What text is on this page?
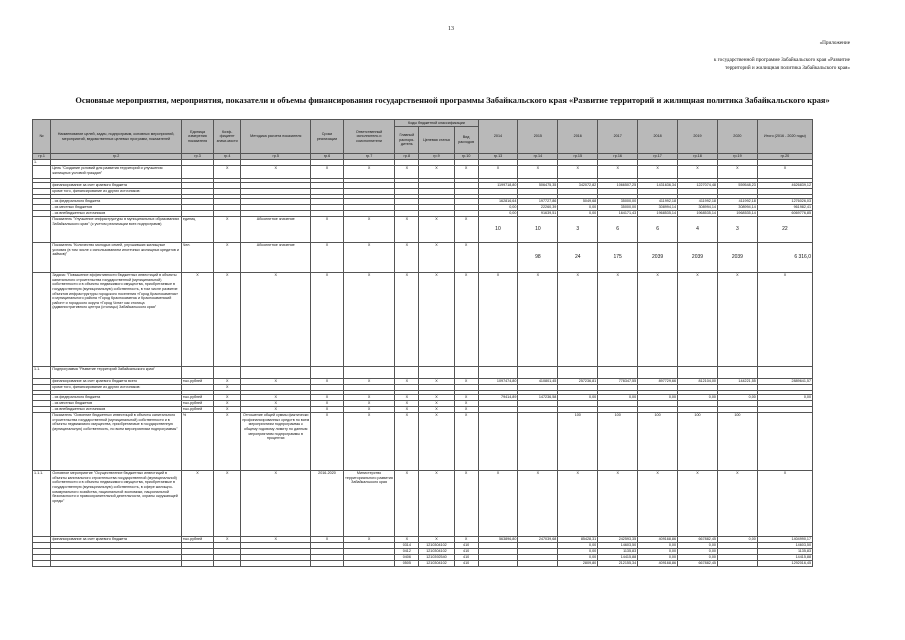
13
«Приложение
к государственной программе Забайкальского края «Развитие
территорий и жилищная политика Забайкальского края»
Основные мероприятия, мероприятия, показатели и объемы финансирования государственной программы Забайкальского края «Развитие территорий и жилищная политика Забайкальского края»
№	Наименование целей, задач, подпрограмм, основных мероприятий, мероприятий, ведомственных целевых программ, показателей	Единица измерения показателя	Коэф-фициент значи-мости	Методика расчета показателя	Сроки реализации	Ответственный исполнитель и соисполнители	Коды бюджетной классификации			2014	2015	2016	2017	2018	2019	2020	Итого (2016 - 2020 годы)
							Главный распоря-дитель	Целевая статья	Вид расходов								
гр.1	гр.2	гр.3	гр.4	гр.5	гр.6	гр.7	гр.8	гр.9	гр.10	гр.13	гр.14	гр.15	гр.16	гр.17	гр.18	гр.19	гр.20
1.																	
	Цель "Создание условий для развития территорий и улучшения жилищных условий граждан"		X	X	X	X	X	X	X	X	X	X	X	X	X	X	X

	финансирование за счет краевого бюджета									1199718,80	506475,35	342072,82	1066507,25	1431636,34	1227074,48	559548,23	4626839,12
	кроме того, финансирование из других источников:																

	- из федерального бюджета									162816,64	197727,86	5049,68	35000,00	411992,18	411992,18	411992,18	1276026,03
	- из местных бюджетов									0,00	22260,39	0,00	35000,00	308994,14	308994,14	308994,14	961982,41
	- из внебюджетных источников									0,00	91639,51	0,00	164171,43	1968535,14	1968535,14	1968535,14	6069776,85
	Показатель "Улучшение инфраструктуры в муниципальных образованиях Забайкальского края" (с учетом реализации всех подпрограмм)	единиц	X	Абсолютное значение	X	X	X	X	X	10	10	3	6	6	4	3	22
	Показатель "Количество молодых семей, улучшивших жилищные условия (в том числе с использованием ипотечных жилищных кредитов и займов)"	Чел.	X	Абсолютное значение	X	X	X	X	X		98	24	175	2039	2039	2039	6 316,0
	Задача: "Повышение эффективности бюджетных инвестиций в объекты капитального строительства государственной (муниципальной) собственности и в объекты недвижимого имущества, приобретаемые в государственную (муниципальную) собственность, в том числе развитие объектов инфраструктуры городского поселения «Город Краснокаменск» и муниципального района «Город Краснокаменск и Краснокаменский район» и городского округа «Город Чита» как столица (административного центра (столицы) Забайкальского края"	X	X	X	X	X	X	X	X	X	X	X	X	X	X	X	X
1.1.	Подпрограмма "Развитие территорий Забайкальского края"																
	финансирование за счет краевого бюджета всего	тыс.рублей	X	X	X	X	X	X	X	1097474,80	410801,45	257236,81	778347,55	897729,66	812104,00	144221,55	2889641,57
	кроме того, финансирование из других источников:		X														

	- из федерального бюджета	тыс.рублей	X	X	X	X	X	X	X	79414,89	147236,58	0,00	0,00	0,00	0,00	0,00	0,00
	- из местных бюджетов	тыс.рублей	X	X	X	X	X	X	X								
	- из внебюджетных источников	тыс.рублей	X	X	X	X	X	X	X								
	Показатель "Освоение бюджетных инвестиций в объекты капитального строительства государственной (муниципальной) собственности и в объекты недвижимого имущества, приобретаемые в государственную (муниципальную) собственность, по всем мероприятиям подпрограммы"	%	X	Отношение общей суммы фактически профинансированных средств по всем мероприятиям подпрограммы к общему годовому лимиту по данным мероприятиям подпрограммы в процентах	X	X	X	X	X			100	100	100	100	100	
1.1.1.	Основное мероприятие "Осуществление бюджетных инвестиций в объекты капитального строительства государственной (муниципальной) собственности и в объекты недвижимого имущества, приобретаемые в государственную (муниципальную) собственность, в сфере жилищно-коммунального хозяйства, национальной экономики, национальной безопасности и правоохранительной деятельности, охраны окружающей среды"	X	X	X	2016-2020	Министерство территориального развития Забайкальского края	X	X	X	X	X	X	X	X	X	X	X
	финансирование за счет краевого бюджета	тыс.рублей	X	X	X	X	X	X	X	563896,80	247039,68	85428,31	242593,35	409168,86	667882,45	0,00	1404990,17
							0314	1210304102	410			0,00	14603,50	0,00	0,00		14603,50
							0412	1210304102	410			0,00	1135,83	0,00	0,00		1135,83
							0406	1210392540	410			0,00	14415,88	0,00	0,00		14415,88
							0505	1210304102	410			2809,80	212155,34	409168,86	667882,45		1292016,45
